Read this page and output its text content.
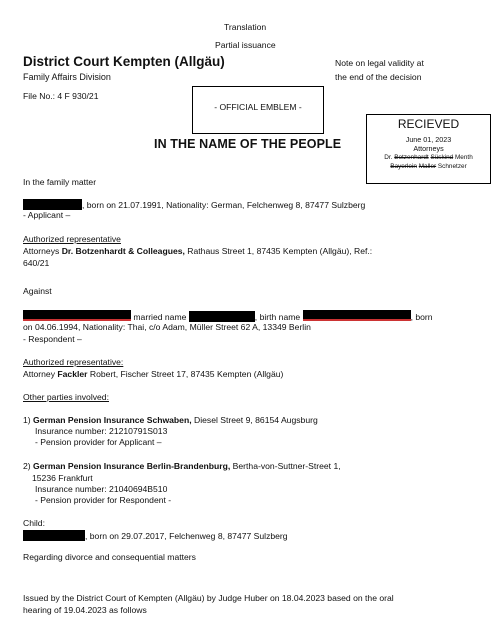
Translation
Partial issuance
District Court Kempten (Allgäu)
Family Affairs Division
File No.: 4 F 930/21
Note on legal validity at
the end of the decision
- OFFICIAL EMBLEM -
RECIEVED
June 01, 2023
Attorneys
Dr. Botzenhardt Süskind Menth
Bayerlein Maller Schnetzer
IN THE NAME OF THE PEOPLE
In the family matter
, born on 21.07.1991, Nationality: German, Felchenweg 8, 87477 Sulzberg
- Applicant –
Authorized representative
Attorneys Dr. Botzenhardt & Colleagues, Rathaus Street 1, 87435 Kempten (Allgäu), Ref.:
640/21
Against
married name	, birth name	, born
on 04.06.1994, Nationality: Thai, c/o Adam, Müller Street 62 A, 13349 Berlin
- Respondent –
Authorized representative:
Attorney Fackler Robert, Fischer Street 17, 87435 Kempten (Allgäu)
Other parties involved:
1) German Pension Insurance Schwaben, Diesel Street 9, 86154 Augsburg
Insurance number: 21210791S013
- Pension provider for Applicant –
2) German Pension Insurance Berlin-Brandenburg, Bertha-von-Suttner-Street 1,
15236 Frankfurt
Insurance number: 21040694B510
- Pension provider for Respondent -
Child:
, born on 29.07.2017, Felchenweg 8, 87477 Sulzberg
Regarding divorce and consequential matters
Issued by the District Court of Kempten (Allgäu) by Judge Huber on 18.04.2023 based on the oral
hearing of 19.04.2023 as follows
